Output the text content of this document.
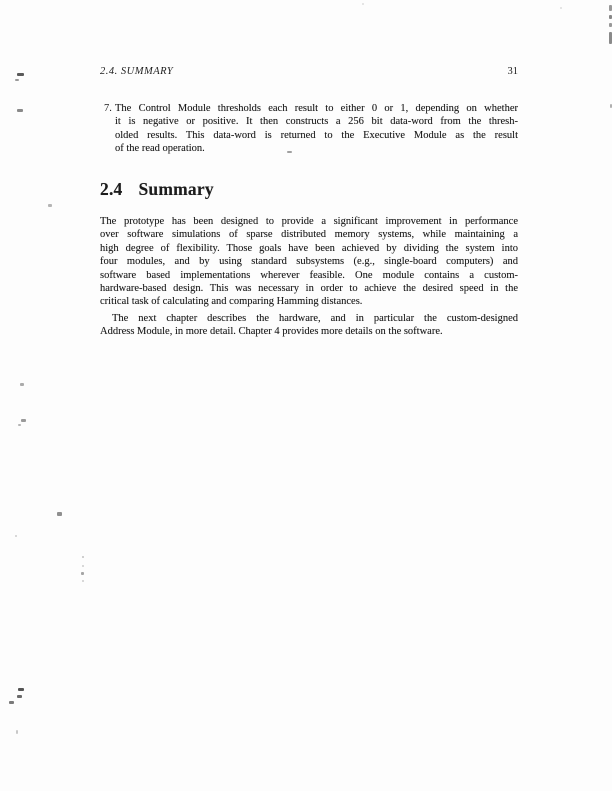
2.4. SUMMARY	31
7. The Control Module thresholds each result to either 0 or 1, depending on whether
it is negative or positive. It then constructs a 256 bit data-word from the thresh-
olded results. This data-word is returned to the Executive Module as the result
of the read operation.
2.4 Summary
The prototype has been designed to provide a significant improvement in performance
over software simulations of sparse distributed memory systems, while maintaining a
high degree of flexibility. Those goals have been achieved by dividing the system into
four modules, and by using standard subsystems (e.g., single-board computers) and
software based implementations wherever feasible. One module contains a custom-
hardware-based design. This was necessary in order to achieve the desired speed in the
critical task of calculating and comparing Hamming distances.
The next chapter describes the hardware, and in particular the custom-designed
Address Module, in more detail. Chapter 4 provides more details on the software.
